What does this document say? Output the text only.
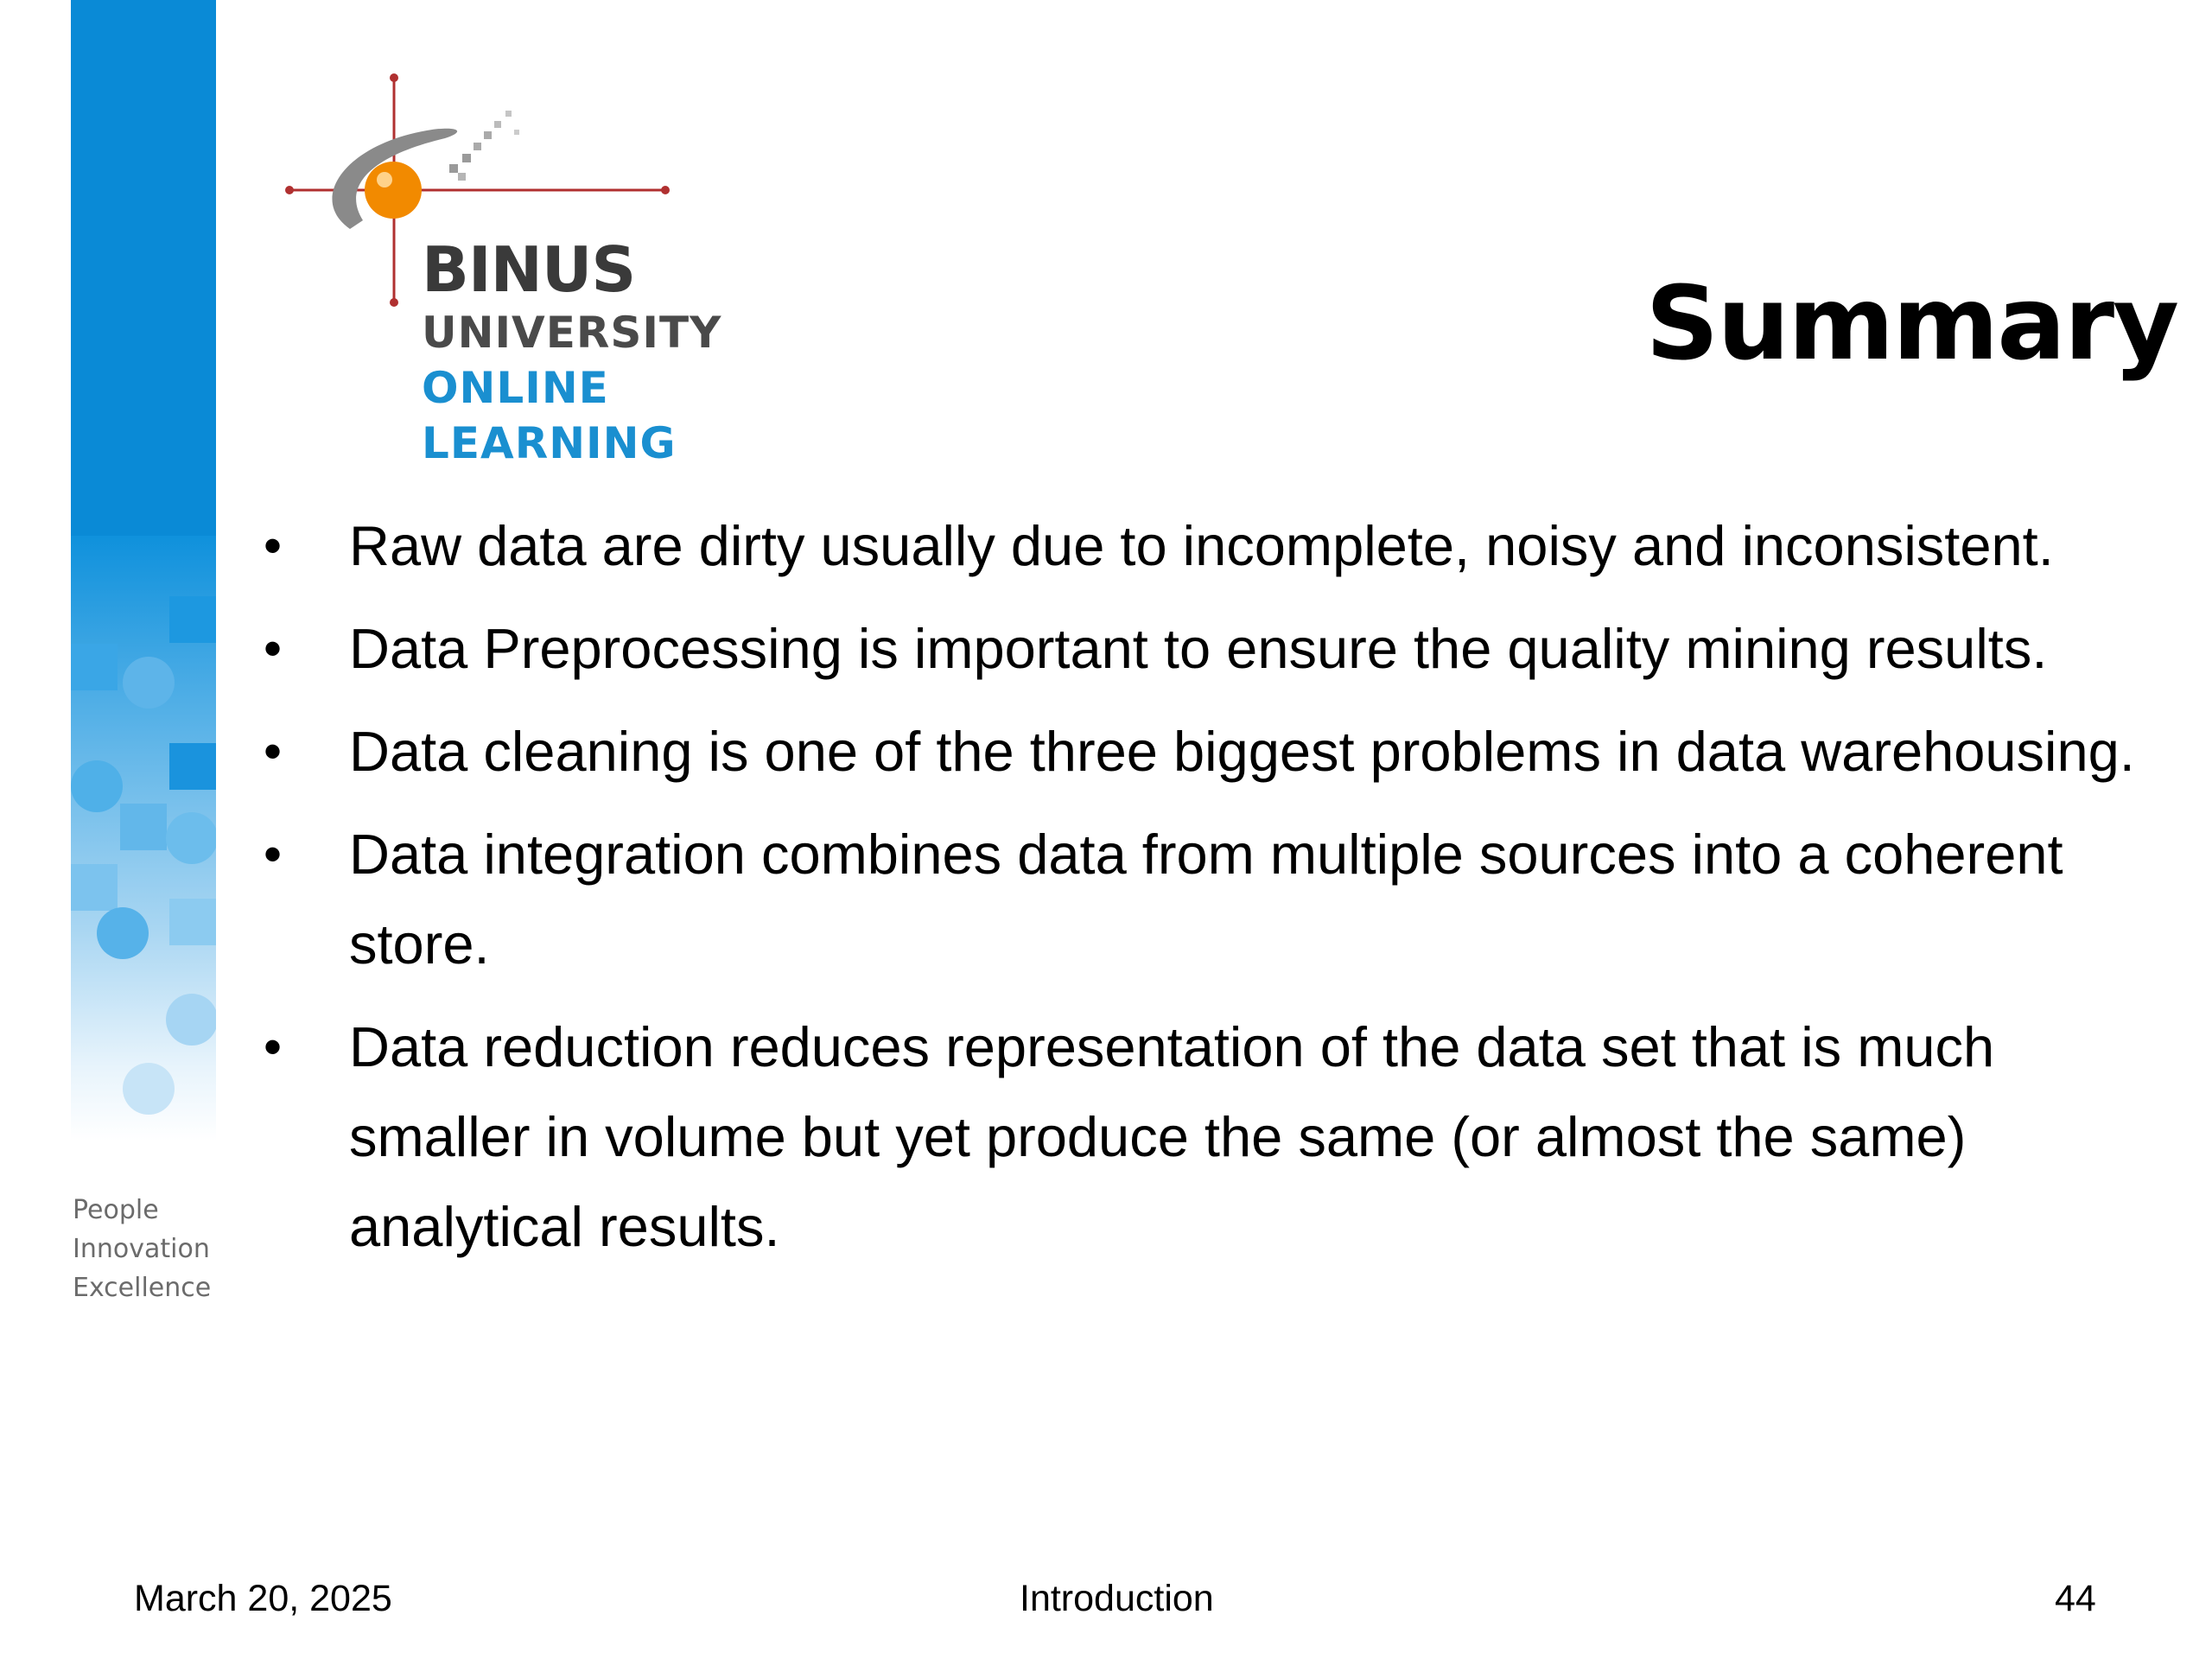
People
Innovation
Excellence
BINUS
UNIVERSITY
ONLINE
LEARNING
Summary
• Raw data are dirty usually due to incomplete, noisy and inconsistent.
• Data Preprocessing is important to ensure the quality mining results.
• Data cleaning is one of the three biggest problems in data warehousing.
• Data integration combines data from multiple sources into a coherent store.
• Data reduction reduces representation of the data set that is much smaller in volume but yet produce the same (or almost the same) analytical results.
March 20, 2025	Introduction	44
